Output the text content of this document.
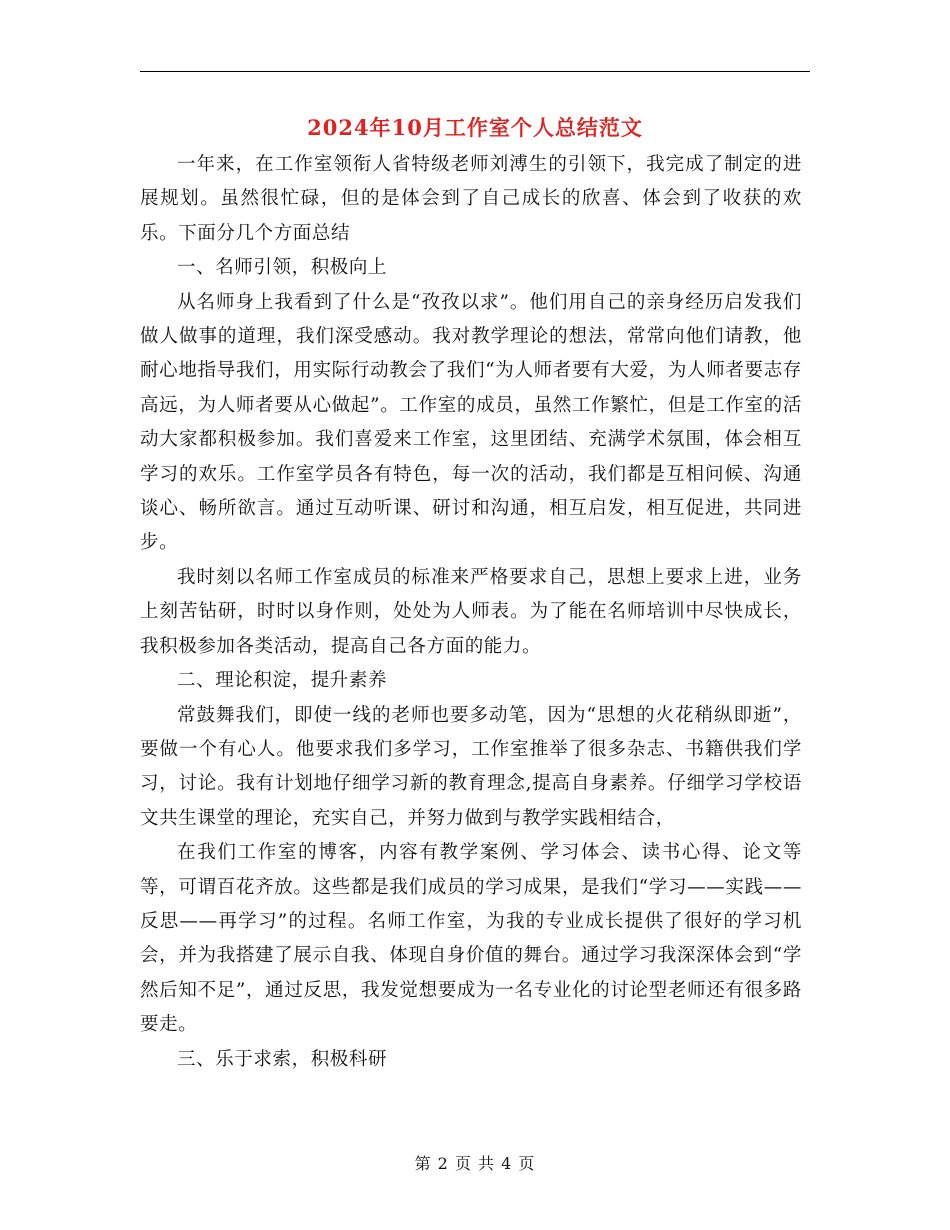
2024年10月工作室个人总结范文

一年来，在工作室领衔人省特级老师刘溥生的引领下，我完成了制定的进展规划。虽然很忙碌，但的是体会到了自己成长的欣喜、体会到了收获的欢乐。下面分几个方面总结

一、名师引领，积极向上

从名师身上我看到了什么是“孜孜以求”。他们用自己的亲身经历启发我们做人做事的道理，我们深受感动。我对教学理论的想法，常常向他们请教，他耐心地指导我们，用实际行动教会了我们“为人师者要有大爱，为人师者要志存高远，为人师者要从心做起”。工作室的成员，虽然工作繁忙，但是工作室的活动大家都积极参加。我们喜爱来工作室，这里团结、充满学术氛围，体会相互学习的欢乐。工作室学员各有特色，每一次的活动，我们都是互相问候、沟通谈心、畅所欲言。通过互动听课、研讨和沟通，相互启发，相互促进，共同进步。

我时刻以名师工作室成员的标准来严格要求自己，思想上要求上进，业务上刻苦钻研，时时以身作则，处处为人师表。为了能在名师培训中尽快成长，我积极参加各类活动，提高自己各方面的能力。

二、理论积淀，提升素养

常鼓舞我们，即使一线的老师也要多动笔，因为“思想的火花稍纵即逝”，要做一个有心人。他要求我们多学习，工作室推举了很多杂志、书籍供我们学习，讨论。我有计划地仔细学习新的教育理念,提高自身素养。仔细学习学校语文共生课堂的理论，充实自己，并努力做到与教学实践相结合，

在我们工作室的博客，内容有教学案例、学习体会、读书心得、论文等等，可谓百花齐放。这些都是我们成员的学习成果，是我们“学习——实践——反思——再学习”的过程。名师工作室，为我的专业成长提供了很好的学习机会，并为我搭建了展示自我、体现自身价值的舞台。通过学习我深深体会到“学然后知不足”，通过反思，我发觉想要成为一名专业化的讨论型老师还有很多路要走。

三、乐于求索，积极科研

第 2 页 共 4 页
